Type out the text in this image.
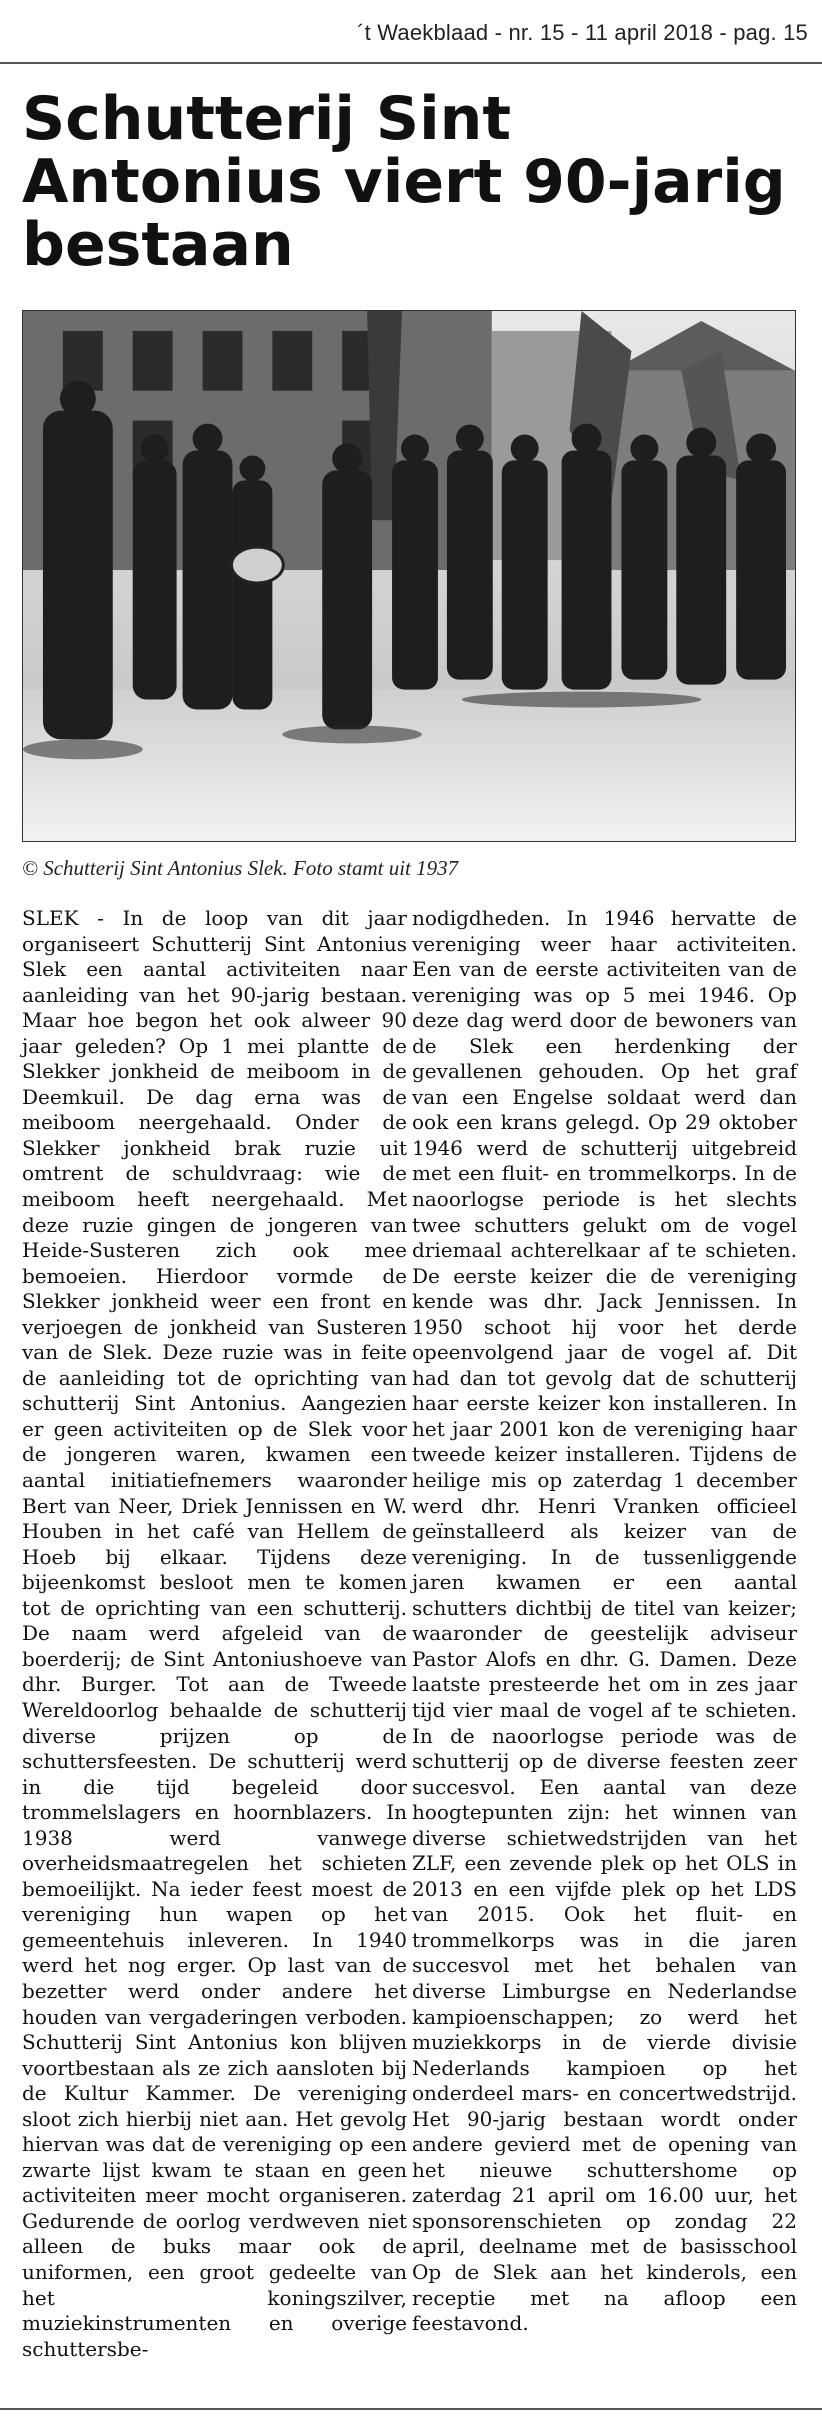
´t Waekblaad - nr. 15 - 11 april 2018 - pag. 15
Schutterij Sint Antonius viert 90-jarig bestaan
© Schutterij Sint Antonius Slek. Foto stamt uit 1937

SLEK - In de loop van dit jaar organiseert Schutterij Sint Antonius Slek een aantal activiteiten naar aanleiding van het 90-jarig bestaan. Maar hoe begon het ook alweer 90 jaar geleden? Op 1 mei plantte de Slekker jonkheid de meiboom in de Deemkuil. De dag erna was de meiboom neergehaald. Onder de Slekker jonkheid brak ruzie uit omtrent de schuldvraag: wie de meiboom heeft neergehaald. Met deze ruzie gingen de jongeren van Heide-Susteren zich ook mee bemoeien. Hierdoor vormde de Slekker jonkheid weer een front en verjoegen de jonkheid van Susteren van de Slek. Deze ruzie was in feite de aanleiding tot de oprichting van schutterij Sint Antonius. Aangezien er geen activiteiten op de Slek voor de jongeren waren, kwamen een aantal initiatiefnemers waaronder Bert van Neer, Driek Jennissen en W. Houben in het café van Hellem de Hoeb bij elkaar. Tijdens deze bijeenkomst besloot men te komen tot de oprichting van een schutterij. De naam werd afgeleid van de boerderij; de Sint Antoniushoeve van dhr. Burger. Tot aan de Tweede Wereldoorlog behaalde de schutterij diverse prijzen op de schuttersfeesten. De schutterij werd in die tijd begeleid door trommelslagers en hoornblazers. In 1938 werd vanwege overheidsmaatregelen het schieten bemoeilijkt. Na ieder feest moest de vereniging hun wapen op het gemeentehuis inleveren. In 1940 werd het nog erger. Op last van de bezetter werd onder andere het houden van vergaderingen verboden. Schutterij Sint Antonius kon blijven voortbestaan als ze zich aansloten bij de Kultur Kammer. De vereniging sloot zich hierbij niet aan. Het gevolg hiervan was dat de vereniging op een zwarte lijst kwam te staan en geen activiteiten meer mocht organiseren. Gedurende de oorlog verdweven niet alleen de buks maar ook de uniformen, een groot gedeelte van het koningszilver, muziekinstrumenten en overige schuttersbe-

nodigdheden. In 1946 hervatte de vereniging weer haar activiteiten. Een van de eerste activiteiten van de vereniging was op 5 mei 1946. Op deze dag werd door de bewoners van de Slek een herdenking der gevallenen gehouden. Op het graf van een Engelse soldaat werd dan ook een krans gelegd. Op 29 oktober 1946 werd de schutterij uitgebreid met een fluit- en trommelkorps. In de naoorlogse periode is het slechts twee schutters gelukt om de vogel driemaal achterelkaar af te schieten. De eerste keizer die de vereniging kende was dhr. Jack Jennissen. In 1950 schoot hij voor het derde opeenvolgend jaar de vogel af. Dit had dan tot gevolg dat de schutterij haar eerste keizer kon installeren. In het jaar 2001 kon de vereniging haar tweede keizer installeren. Tijdens de heilige mis op zaterdag 1 december werd dhr. Henri Vranken officieel geïnstalleerd als keizer van de vereniging. In de tussenliggende jaren kwamen er een aantal schutters dichtbij de titel van keizer; waaronder de geestelijk adviseur Pastor Alofs en dhr. G. Damen. Deze laatste presteerde het om in zes jaar tijd vier maal de vogel af te schieten. In de naoorlogse periode was de schutterij op de diverse feesten zeer succesvol. Een aantal van deze hoogtepunten zijn: het winnen van diverse schietwedstrijden van het ZLF, een zevende plek op het OLS in 2013 en een vijfde plek op het LDS van 2015. Ook het fluit- en trommelkorps was in die jaren succesvol met het behalen van diverse Limburgse en Nederlandse kampioenschappen; zo werd het muziekkorps in de vierde divisie Nederlands kampioen op het onderdeel mars- en concertwedstrijd. Het 90-jarig bestaan wordt onder andere gevierd met de opening van het nieuwe schuttershome op zaterdag 21 april om 16.00 uur, het sponsorenschieten op zondag 22 april, deelname met de basisschool Op de Slek aan het kinderols, een receptie met na afloop een feestavond.
